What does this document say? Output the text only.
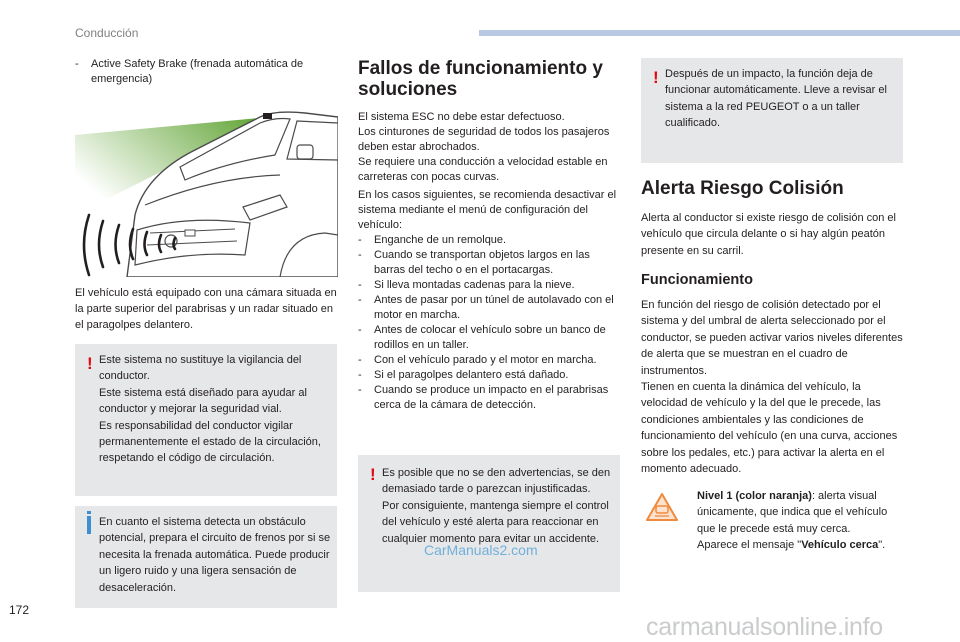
Conducción
- Active Safety Brake (frenada automática de emergencia)
El vehículo está equipado con una cámara situada en la parte superior del parabrisas y un radar situado en el paragolpes delantero.
! Este sistema no sustituye la vigilancia del conductor.

Este sistema está diseñado para ayudar al conductor y mejorar la seguridad vial.

Es responsabilidad del conductor vigilar permanentemente el estado de la circulación, respetando el código de circulación.

En cuanto el sistema detecta un obstáculo potencial, prepara el circuito de frenos por si se necesita la frenada automática. Puede producir un ligero ruido y una ligera sensación de desaceleración.
Fallos de funcionamiento y soluciones

El sistema ESC no debe estar defectuoso.

Los cinturones de seguridad de todos los pasajeros deben estar abrochados.

Se requiere una conducción a velocidad estable en carreteras con pocas curvas.

En los casos siguientes, se recomienda desactivar el sistema mediante el menú de configuración del vehículo:

- Enganche de un remolque.
- Cuando se transportan objetos largos en las barras del techo o en el portacargas.
- Si lleva montadas cadenas para la nieve.
- Antes de pasar por un túnel de autolavado con el motor en marcha.
- Antes de colocar el vehículo sobre un banco de rodillos en un taller.
- Con el vehículo parado y el motor en marcha.
- Si el paragolpes delantero está dañado.
- Cuando se produce un impacto en el parabrisas cerca de la cámara de detección.
! Es posible que no se den advertencias, se den demasiado tarde o parezcan injustificadas.

Por consiguiente, mantenga siempre el control del vehículo y esté alerta para reaccionar en cualquier momento para evitar un accidente.

CarManuals2.com
! Después de un impacto, la función deja de funcionar automáticamente. Lleve a revisar el sistema a la red PEUGEOT o a un taller cualificado.
Alerta Riesgo Colisión
Alerta al conductor si existe riesgo de colisión con el vehículo que circula delante o si hay algún peatón presente en su carril.
Funcionamiento

En función del riesgo de colisión detectado por el sistema y del umbral de alerta seleccionado por el conductor, se pueden activar varios niveles diferentes de alerta que se muestran en el cuadro de instrumentos.

Tienen en cuenta la dinámica del vehículo, la velocidad de vehículo y la del que le precede, las condiciones ambientales y las condiciones de funcionamiento del vehículo (en una curva, acciones sobre los pedales, etc.) para activar la alerta en el momento adecuado.

Nivel 1 (color naranja): alerta visual únicamente, que indica que el vehículo que le precede está muy cerca.

Aparece el mensaje "Vehículo cerca".

172
carmanualsonline.info
